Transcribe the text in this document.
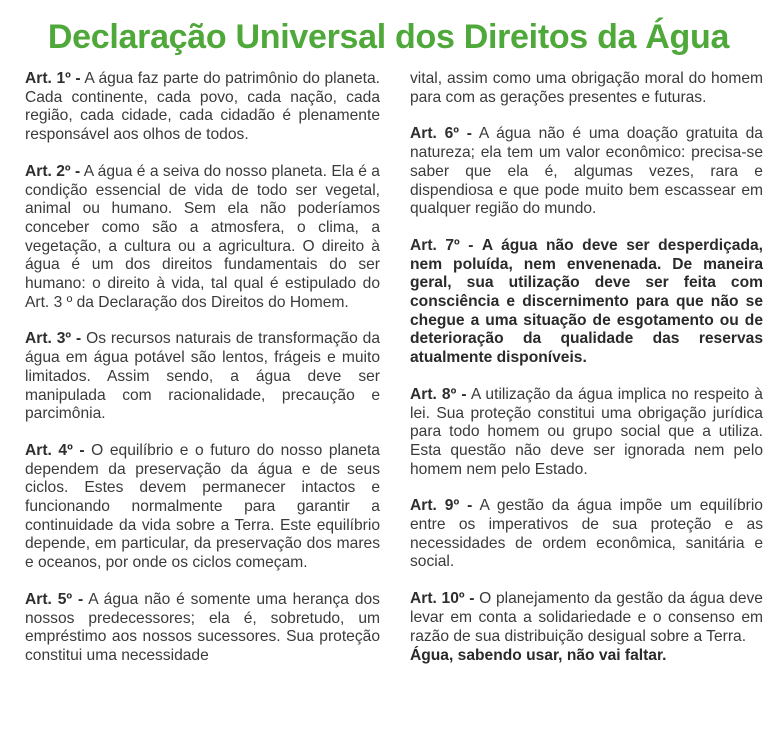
Declaração Universal dos Direitos da Água

Art. 1º - A água faz parte do patrimônio do planeta. Cada continente, cada povo, cada nação, cada região, cada cidade, cada cidadão é plenamente responsável aos olhos de todos.

Art. 2º - A água é a seiva do nosso planeta. Ela é a condição essencial de vida de todo ser vegetal, animal ou humano. Sem ela não poderíamos conceber como são a atmosfera, o clima, a vegetação, a cultura ou a agricultura. O direito à água é um dos direitos fundamentais do ser humano: o direito à vida, tal qual é estipulado do Art. 3 º da Declaração dos Direitos do Homem.

Art. 3º - Os recursos naturais de transformação da água em água potável são lentos, frágeis e muito limitados. Assim sendo, a água deve ser manipulada com racionalidade, precaução e parcimônia.

Art. 4º - O equilíbrio e o futuro do nosso planeta dependem da preservação da água e de seus ciclos. Estes devem permanecer intactos e funcionando normalmente para garantir a continuidade da vida sobre a Terra. Este equilíbrio depende, em particular, da preservação dos mares e oceanos, por onde os ciclos começam.

Art. 5º - A água não é somente uma herança dos nossos predecessores; ela é, sobretudo, um empréstimo aos nossos sucessores. Sua proteção constitui uma necessidade

vital, assim como uma obrigação moral do homem para com as gerações presentes e futuras.

Art. 6º - A água não é uma doação gratuita da natureza; ela tem um valor econômico: precisa-se saber que ela é, algumas vezes, rara e dispendiosa e que pode muito bem escassear em qualquer região do mundo.

Art. 7º - A água não deve ser desperdiçada, nem poluída, nem envenenada. De maneira geral, sua utilização deve ser feita com consciência e discernimento para que não se chegue a uma situação de esgotamento ou de deterioração da qualidade das reservas atualmente disponíveis.

Art. 8º - A utilização da água implica no respeito à lei. Sua proteção constitui uma obrigação jurídica para todo homem ou grupo social que a utiliza. Esta questão não deve ser ignorada nem pelo homem nem pelo Estado.

Art. 9º - A gestão da água impõe um equilíbrio entre os imperativos de sua proteção e as necessidades de ordem econômica, sanitária e social.

Art. 10º - O planejamento da gestão da água deve levar em conta a solidariedade e o consenso em razão de sua distribuição desigual sobre a Terra.

Água, sabendo usar, não vai faltar.
